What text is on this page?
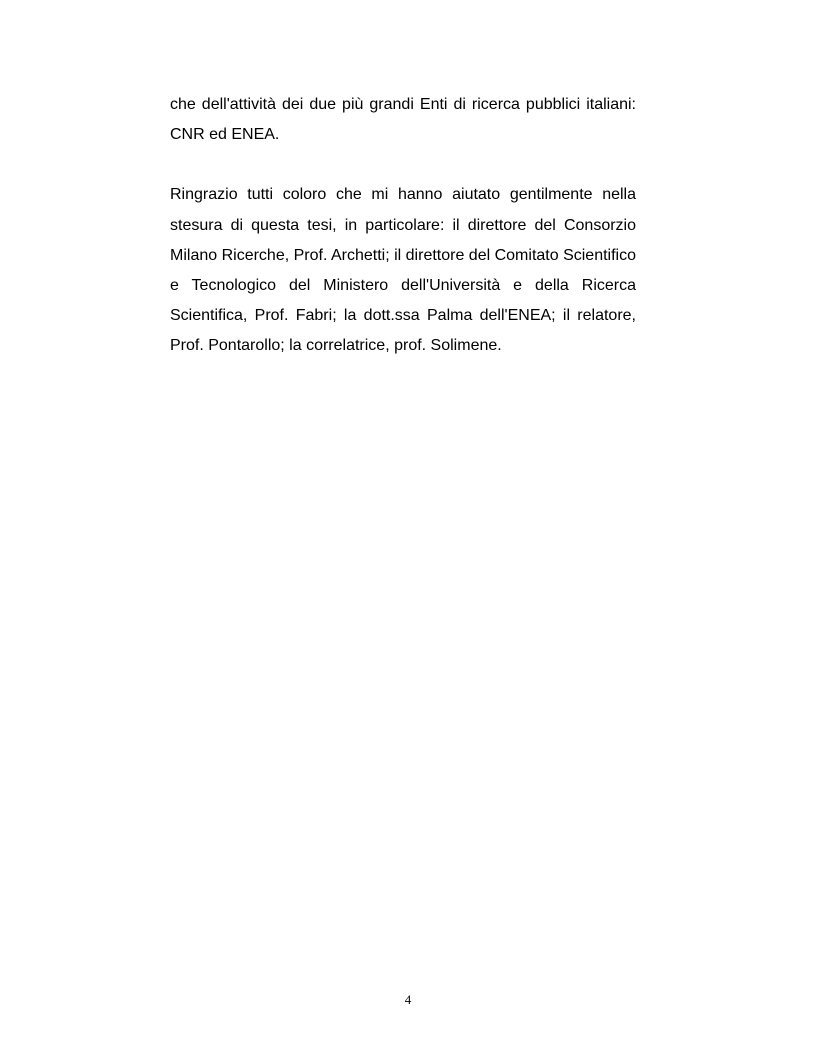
che dell'attività dei due più grandi Enti di ricerca pubblici italiani: CNR ed ENEA.

Ringrazio tutti coloro che mi hanno aiutato gentilmente nella stesura di questa tesi, in particolare: il direttore del Consorzio Milano Ricerche, Prof. Archetti; il direttore del Comitato Scientifico e Tecnologico del Ministero dell'Università e della Ricerca Scientifica, Prof. Fabri; la dott.ssa Palma dell'ENEA; il relatore, Prof. Pontarollo; la correlatrice, prof. Solimene.

4
